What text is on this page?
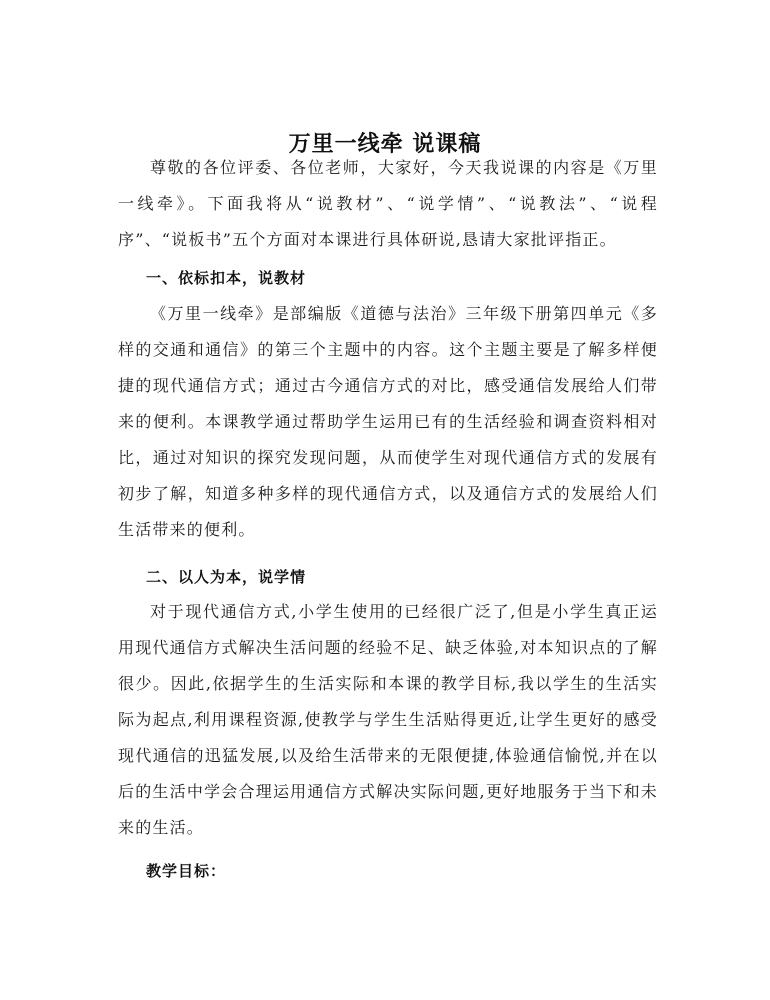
万里一线牵 说课稿

尊敬的各位评委、各位老师，大家好，今天我说课的内容是《万里一线牵》。下面我将从“说教材”、“说学情”、“说教法”、“说程序”、“说板书”五个方面对本课进行具体研说,恳请大家批评指正。

一、依标扣本，说教材

《万里一线牵》是部编版《道德与法治》三年级下册第四单元《多样的交通和通信》的第三个主题中的内容。这个主题主要是了解多样便捷的现代通信方式；通过古今通信方式的对比，感受通信发展给人们带来的便利。本课教学通过帮助学生运用已有的生活经验和调查资料相对比，通过对知识的探究发现问题，从而使学生对现代通信方式的发展有初步了解，知道多种多样的现代通信方式，以及通信方式的发展给人们生活带来的便利。

二、以人为本，说学情

对于现代通信方式,小学生使用的已经很广泛了,但是小学生真正运用现代通信方式解决生活问题的经验不足、缺乏体验,对本知识点的了解很少。因此,依据学生的生活实际和本课的教学目标,我以学生的生活实际为起点,利用课程资源,使教学与学生生活贴得更近,让学生更好的感受现代通信的迅猛发展,以及给生活带来的无限便捷,体验通信愉悦,并在以后的生活中学会合理运用通信方式解决实际问题,更好地服务于当下和未来的生活。

教学目标：
